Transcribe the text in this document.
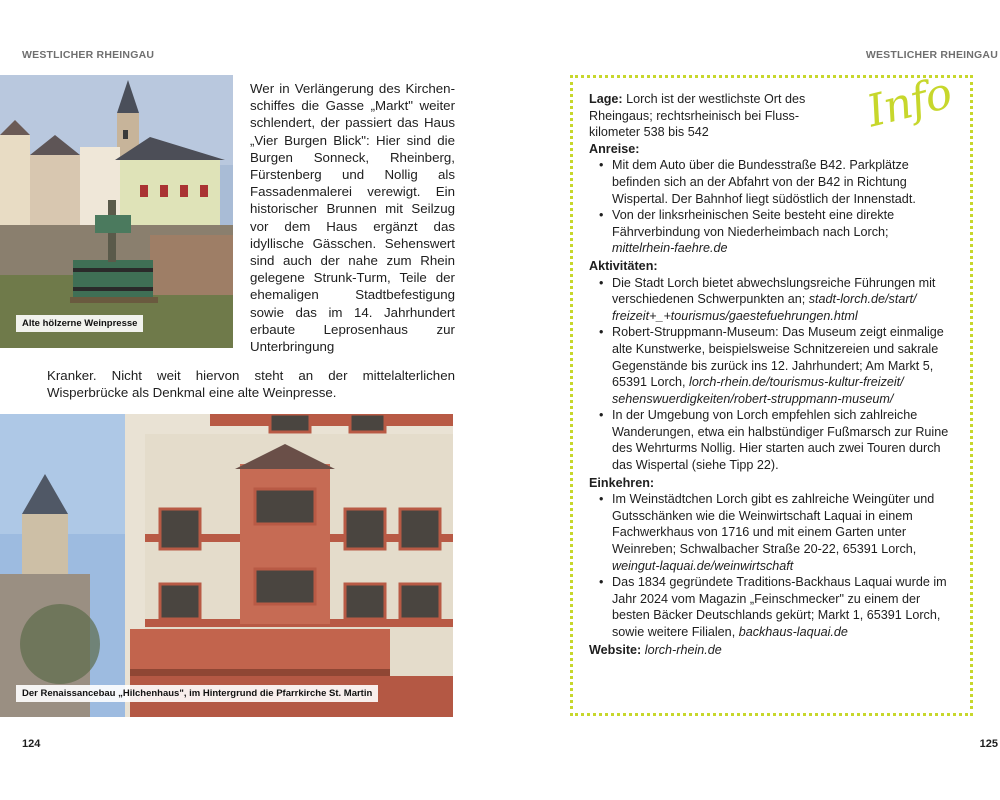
WESTLICHER RHEINGAU
Alte hölzerne Weinpresse

Wer in Verlängerung des Kirchenschiffes die Gasse „Markt" weiter schlendert, der passiert das Haus „Vier Burgen Blick": Hier sind die Burgen Sonneck, Rheinberg, Fürstenberg und Nollig als Fassadenmalerei verewigt. Ein historischer Brunnen mit Seilzug vor dem Haus ergänzt das idyllische Gässchen. Sehenswert sind auch der nahe zum Rhein gelegene Strunk-Turm, Teile der ehemaligen Stadtbefestigung sowie das im 14. Jahrhundert erbaute Leprosenhaus zur Unterbringung

Kranker. Nicht weit hiervon steht an der mittelalterlichen Wisperbrücke als Denkmal eine alte Weinpresse.

Der Renaissancebau „Hilchenhaus", im Hintergrund die Pfarrkirche St. Martin
124
WESTLICHER RHEINGAU
125

Lage: Lorch ist der westlichste Ort des Rheingaus; rechtsrheinisch bei Flusskilometer 538 bis 542

Anreise:
• Mit dem Auto über die Bundesstraße B42. Parkplätze befinden sich an der Abfahrt von der B42 in Richtung Wispertal. Der Bahnhof liegt südöstlich der Innenstadt.
• Von der linksrheinischen Seite besteht eine direkte Fährverbindung von Niederheimbach nach Lorch; mittelrhein-faehre.de
Aktivitäten:
• Die Stadt Lorch bietet abwechslungsreiche Führungen mit verschiedenen Schwerpunkten an; stadt-lorch.de/​start/​freizeit+_+tourismus/​gaestefuehrungen.html
• Robert-Struppmann-Museum: Das Museum zeigt einmalige alte Kunstwerke, beispielsweise Schnitzereien und sakrale Gegenstände bis zurück ins 12. Jahrhundert; Am Markt 5, 65391 Lorch, lorch-rhein.​de/​tourismus-kultur-freizeit/​sehenswuerdigkeiten/​robert-struppmann-museum/
• In der Umgebung von Lorch empfehlen sich zahlreiche Wanderungen, etwa ein halbstündiger Fußmarsch zur Ruine des Wehrturms Nollig. Hier starten auch zwei Touren durch das Wispertal (siehe Tipp 22).
Einkehren:
• Im Weinstädtchen Lorch gibt es zahlreiche Weingüter und Gutsschänken wie die Weinwirtschaft Laquai in einem Fachwerkhaus von 1716 und mit einem Garten unter Weinreben; Schwalbacher Straße 20-22, 65391 Lorch, weingut-laquai.de/​weinwirtschaft
• Das 1834 gegründete Traditions-Backhaus Laquai wurde im Jahr 2024 vom Magazin „Feinschmecker" zu einem der besten Bäcker Deutschlands gekürt; Markt 1, 65391 Lorch, sowie weitere Filialen, backhaus-laquai.de

Website: lorch-rhein.de

Info
